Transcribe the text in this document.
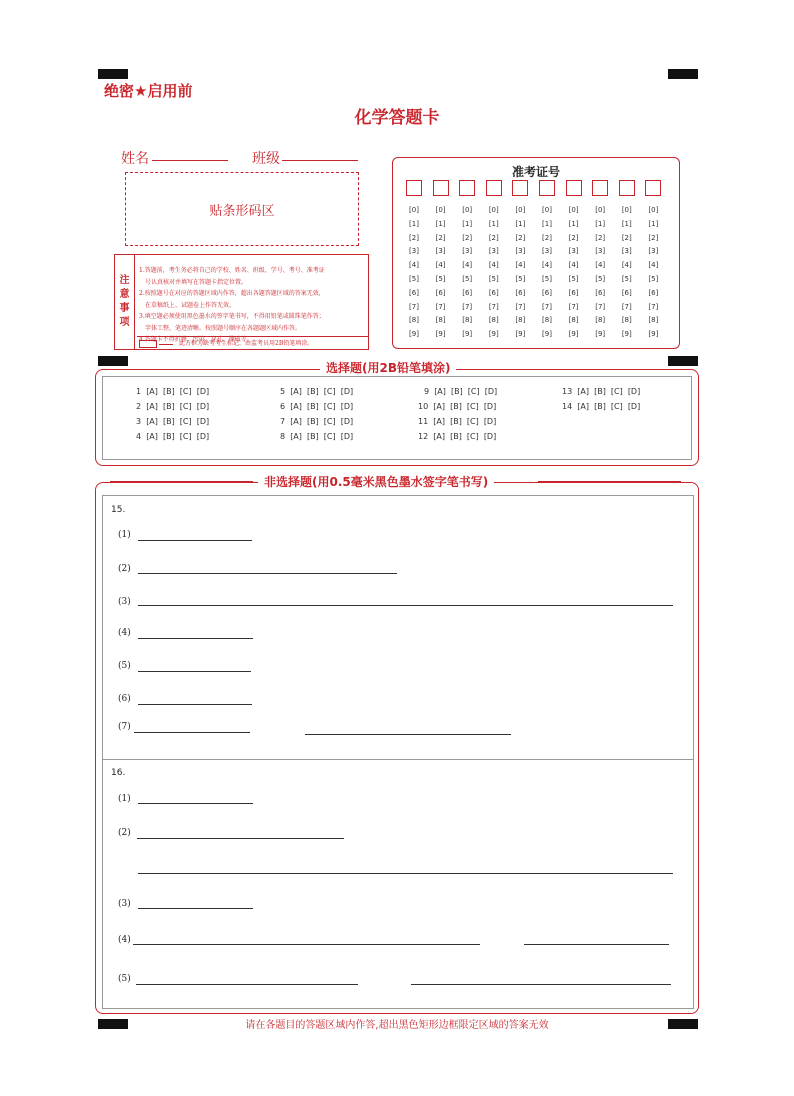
绝密★启用前
化学答题卡
姓名	班级
贴条形码区
注
意
事
项
1.答题前，考生务必将自己的学校、姓名、班级、学号、考号、准考证
号认真核对并填写在答题卡指定位置。
2.按照题号在对应的答题区域内作答，超出各题答题区域的答案无效，
在草稿纸上、试题卷上作答无效。
3.填空题必须使用黑色墨水的签字笔书写，不得用铅笔或圆珠笔作答；
字体工整，笔迹清晰。按照题号顺序在各题题区域内作答。
4.答题卡不得折叠、污染、穿孔、撕破等。
此方框为缺考考生标记，由监考员用2B铅笔填涂。
准考证号
[0]
[1]
[2]
[3]
[4]
[5]
[6]
[7]
[8]
[9]
[0]
[1]
[2]
[3]
[4]
[5]
[6]
[7]
[8]
[9]
[0]
[1]
[2]
[3]
[4]
[5]
[6]
[7]
[8]
[9]
[0]
[1]
[2]
[3]
[4]
[5]
[6]
[7]
[8]
[9]
[0]
[1]
[2]
[3]
[4]
[5]
[6]
[7]
[8]
[9]
[0]
[1]
[2]
[3]
[4]
[5]
[6]
[7]
[8]
[9]
[0]
[1]
[2]
[3]
[4]
[5]
[6]
[7]
[8]
[9]
[0]
[1]
[2]
[3]
[4]
[5]
[6]
[7]
[8]
[9]
[0]
[1]
[2]
[3]
[4]
[5]
[6]
[7]
[8]
[9]
[0]
[1]
[2]
[3]
[4]
[5]
[6]
[7]
[8]
[9]
选择题(用2B铅笔填涂)
1 [A]  [B]  [C]  [D]
2 [A]  [B]  [C]  [D]
3 [A]  [B]  [C]  [D]
4 [A]  [B]  [C]  [D]
5 [A]  [B]  [C]  [D]
6 [A]  [B]  [C]  [D]
7 [A]  [B]  [C]  [D]
8 [A]  [B]  [C]  [D]
9 [A]  [B]  [C]  [D]
10 [A]  [B]  [C]  [D]
11 [A]  [B]  [C]  [D]
12 [A]  [B]  [C]  [D]
13 [A]  [B]  [C]  [D]
14 [A]  [B]  [C]  [D]
非选择题(用0.5毫米黑色墨水签字笔书写)
15.
(1)
(2)
(3)
(4)
(5)
(6)
(7)
16.
(1)
(2)
(3)
(4)
(5)
请在各题目的答题区域内作答,超出黑色矩形边框限定区域的答案无效
